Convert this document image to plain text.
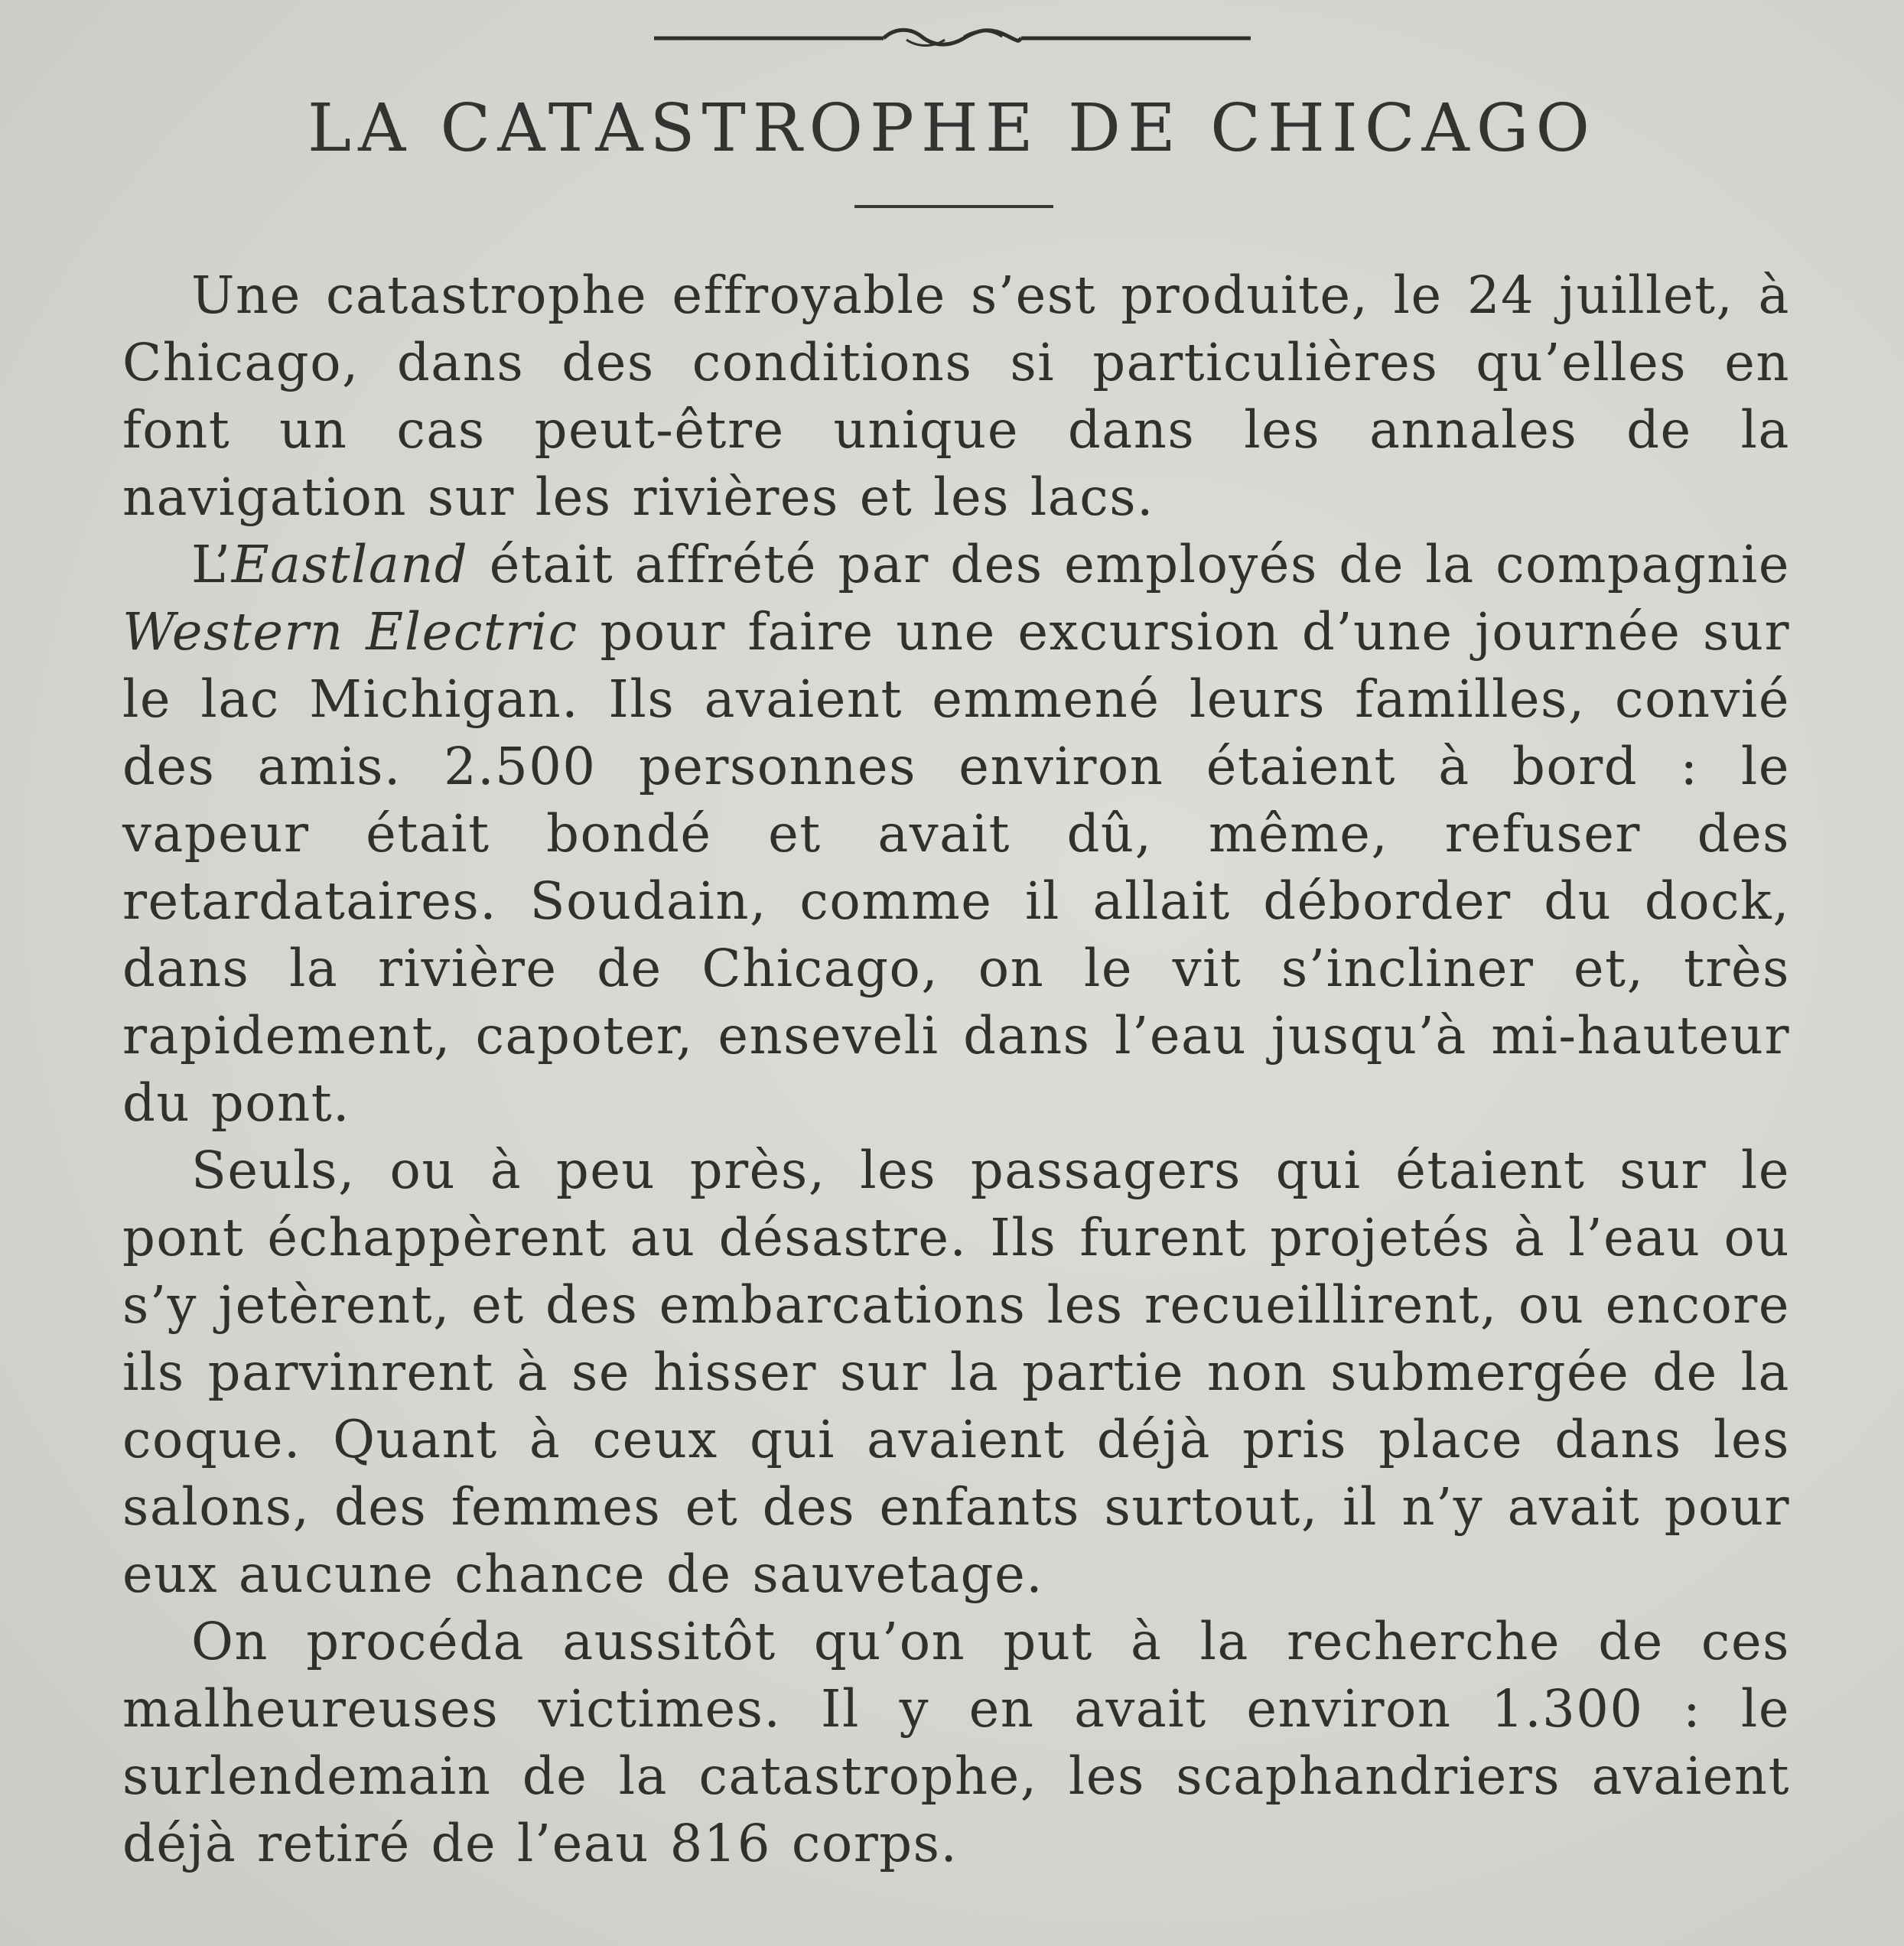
LA CATASTROPHE DE CHICAGO

Une catastrophe effroyable s’est produite, le 24 juillet, à Chicago, dans des conditions si particulières qu’elles en font un cas peut-être unique dans les annales de la navigation sur les rivières et les lacs.

L’Eastland était affrété par des employés de la compagnie Western Electric pour faire une excursion d’une journée sur le lac Michigan. Ils avaient emmené leurs familles, convié des amis. 2.500 personnes environ étaient à bord : le vapeur était bondé et avait dû, même, refuser des retardataires. Soudain, comme il allait déborder du dock, dans la rivière de Chicago, on le vit s’incliner et, très rapidement, capoter, enseveli dans l’eau jusqu’à mi-hauteur du pont.

Seuls, ou à peu près, les passagers qui étaient sur le pont échappèrent au désastre. Ils furent projetés à l’eau ou s’y jetèrent, et des embarcations les recueillirent, ou encore ils parvinrent à se hisser sur la partie non submergée de la coque. Quant à ceux qui avaient déjà pris place dans les salons, des femmes et des enfants surtout, il n’y avait pour eux aucune chance de sauvetage.

On procéda aussitôt qu’on put à la recherche de ces malheureuses victimes. Il y en avait environ 1.300 : le surlendemain de la catastrophe, les scaphandriers avaient déjà retiré de l’eau 816 corps.
